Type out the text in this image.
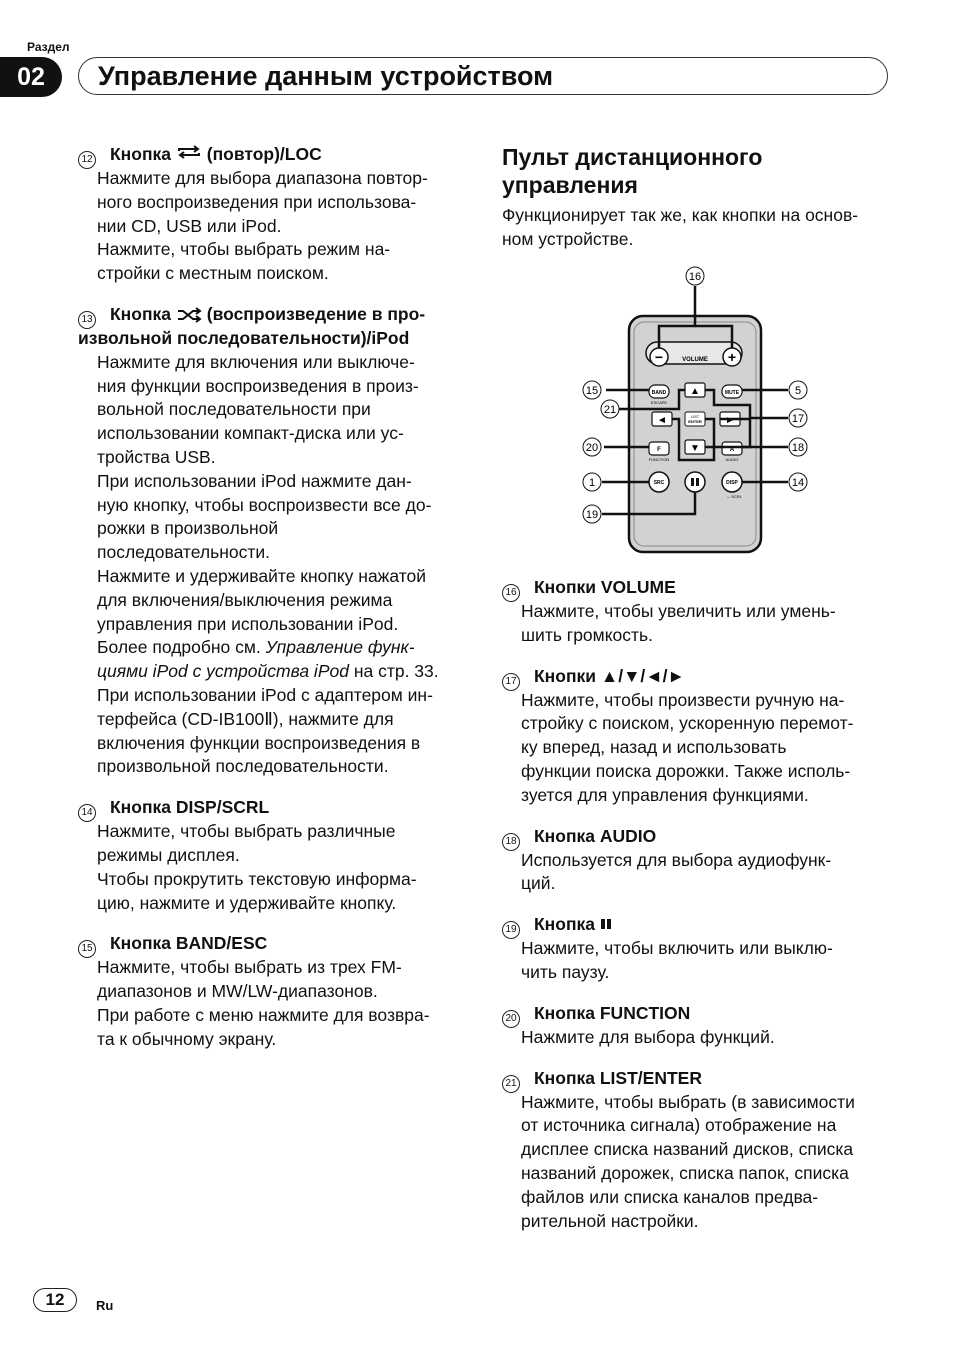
Раздел
02	Управление данным устройством
12 Кнопка

(повтор)/LOC

Нажмите для выбора диапазона повтор-

ного воспроизведения при использова-

нии CD, USB или iPod.

Нажмите, чтобы выбрать режим на-

стройки с местным поиском.

13 Кнопка (воспроизведение в про-
извольной последовательности)/iPod

Нажмите для включения или выключе-

ния функции воспроизведения в произ-

вольной последовательности при

использовании компакт-диска или ус-

тройства USB.

При использовании iPod нажмите дан-

ную кнопку, чтобы воспроизвести все до-

рожки в произвольной

последовательности.

Нажмите и удерживайте кнопку нажатой

для включения/выключения режима

управления при использовании iPod.

Более подробно см. Управление функ-

циями iPod с устройства iPod на стр. 33.

При использовании iPod с адаптером ин-

терфейса (CD-IB100Ⅱ), нажмите для

включения функции воспроизведения в

произвольной последовательности.

14 Кнопка DISP/SCRL

Нажмите, чтобы выбрать различные

режимы дисплея.

Чтобы прокрутить текстовую информа-

цию, нажмите и удерживайте кнопку.

15 Кнопка BAND/ESC

Нажмите, чтобы выбрать из трех FM-

диапазонов и MW/LW-диапазонов.

При работе с меню нажмите для возвра-

та к обычному экрану.

Пульт дистанционного
управления
Функционирует так же, как кнопки на основ-
ном устройстве.
−	+
VOLUME
BAND
ESCAPE
MUTE
▲
LIST
ENTER
◄	►
▼
F
FUNCTION
A
AUDIO
SRC	DISP
↔ SCRL
16
15
21
20
1
19
5
17
18
14
16 Кнопки VOLUME

Нажмите, чтобы увеличить или умень-

шить громкость.

17 Кнопки ▲/▼/◄/►

Нажмите, чтобы произвести ручную на-

стройку с поиском, ускоренную перемот-

ку вперед, назад и использовать

функции поиска дорожки. Также исполь-

зуется для управления функциями.

18 Кнопка AUDIO

Используется для выбора аудиофунк-

ций.

19 Кнопка

Нажмите, чтобы включить или выклю-

чить паузу.

20 Кнопка FUNCTION

Нажмите для выбора функций.

21 Кнопка LIST/ENTER

Нажмите, чтобы выбрать (в зависимости

от источника сигнала) отображение на

дисплее списка названий дисков, списка

названий дорожек, списка папок, списка

файлов или списка каналов предва-

рительной настройки.

12	Ru
